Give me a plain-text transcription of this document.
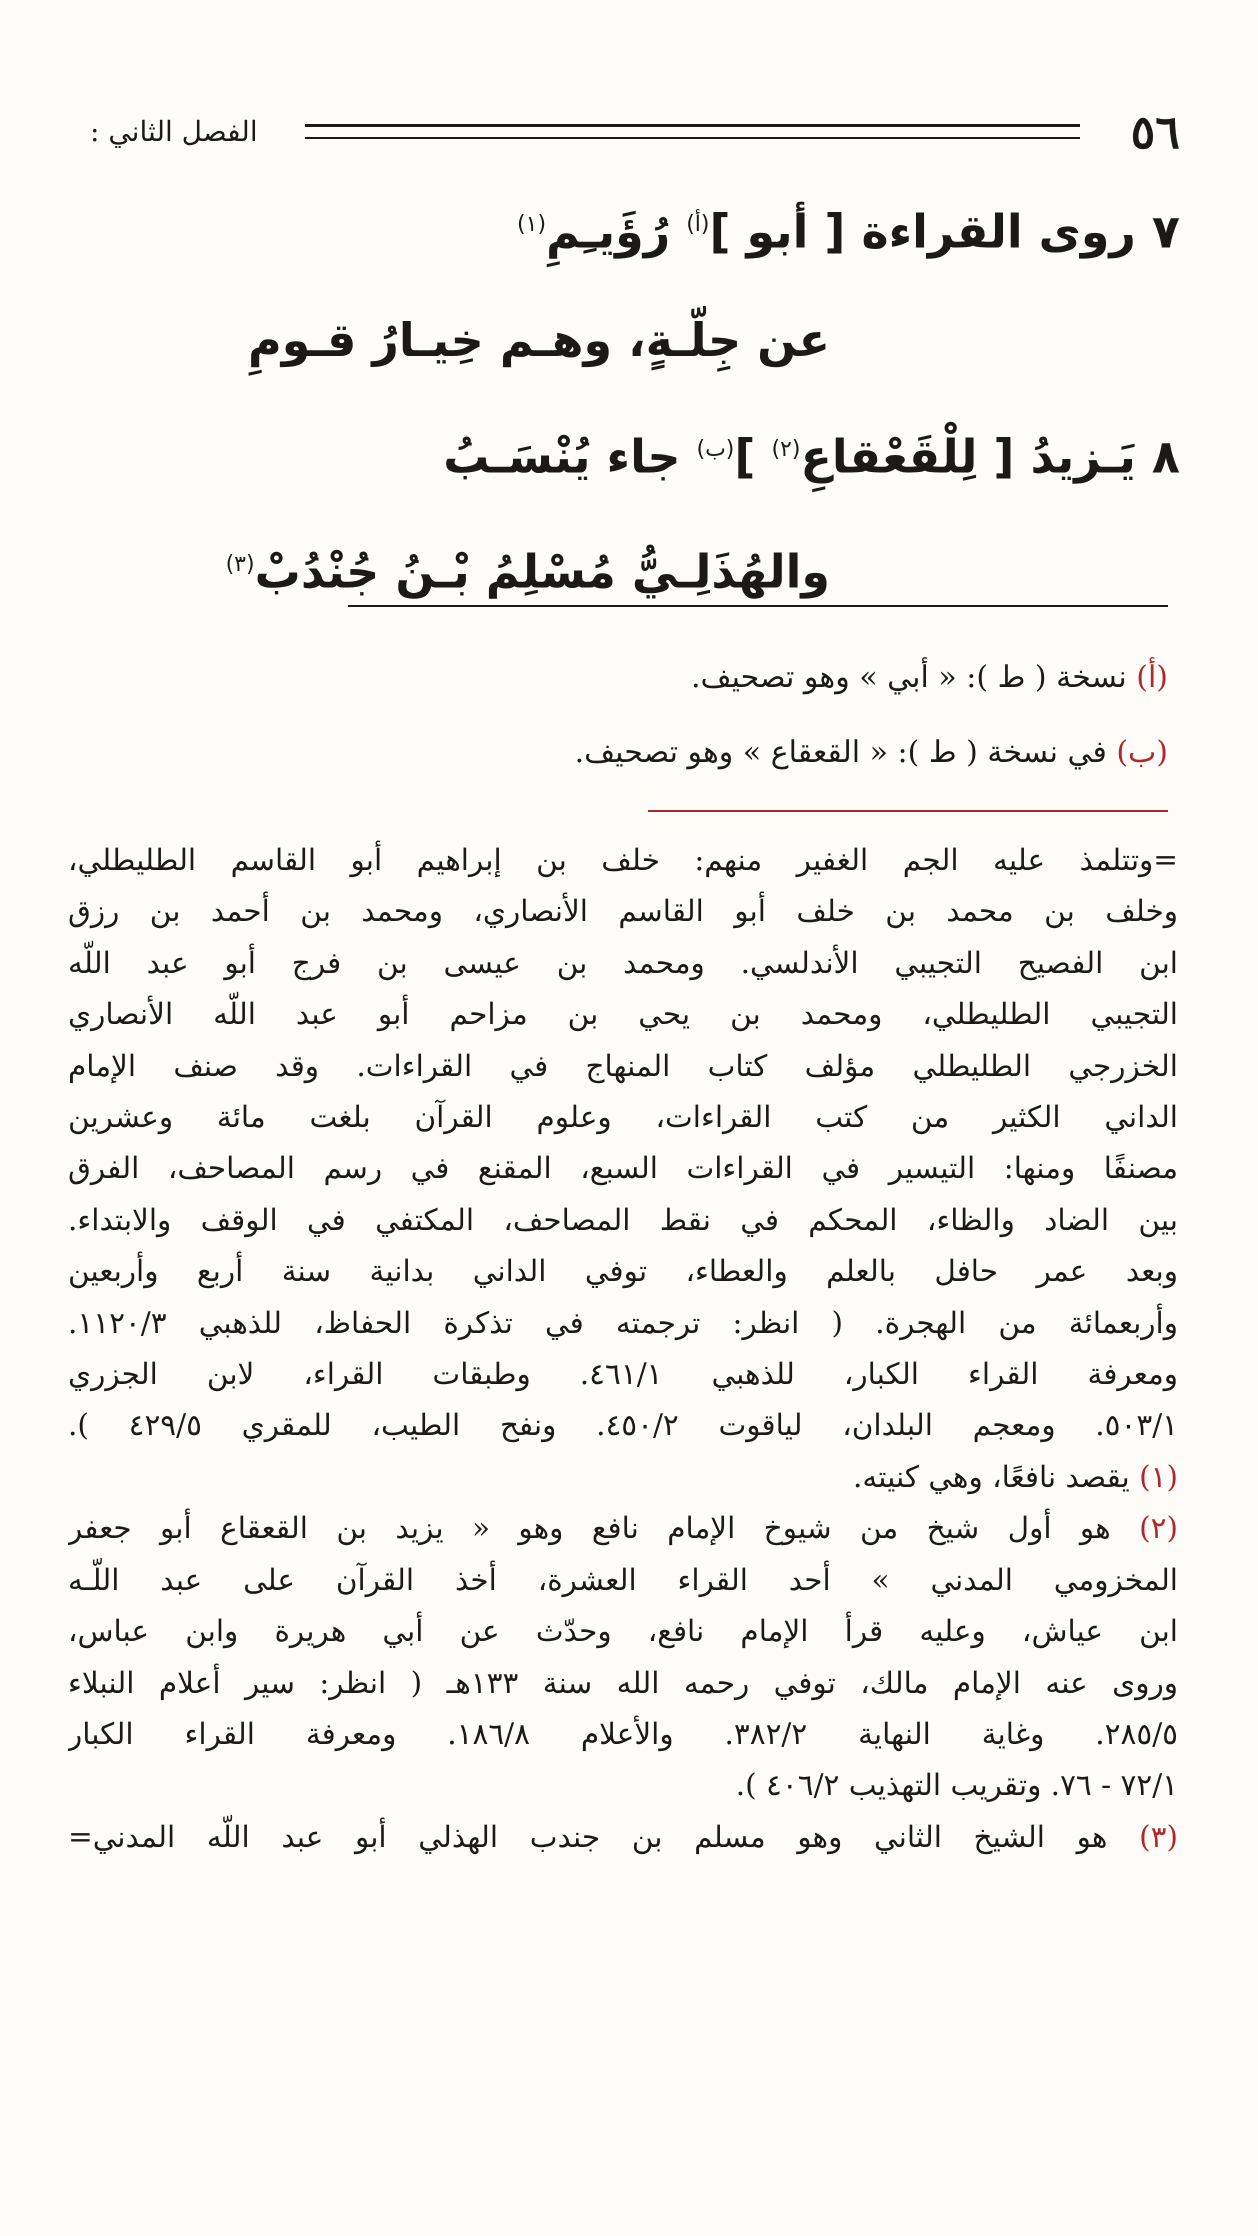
٥٦
الفصل الثاني :
٧ روى القراءة [ أبو ]$^{(أ)}$ رُؤَيـِمِ$^{(١)}$
عن جِلّـةٍ، وهـم خِيـارُ قـومِ
٨ يَـزيدُ [ لِلْقَعْقاعِ$^{(٢)}$ ]$^{(ب)}$ جاء يُنْسَـبُ
والهُذَلِـيُّ مُسْلِمُ بْـنُ جُنْدُبْ$^{(٣)}$
(أ) نسخة ( ط ): « أبي » وهو تصحيف.
(ب) في نسخة ( ط ): « القعقاع » وهو تصحيف.
=وتتلمذ عليه الجم الغفير منهم: خلف بن إبراهيم أبو القاسم الطليطلي،
وخلف بن محمد بن خلف أبو القاسم الأنصاري، ومحمد بن أحمد بن رزق
ابن الفصيح التجيبي الأندلسي. ومحمد بن عيسى بن فرج أبو عبد اللّه
التجيبي الطليطلي، ومحمد بن يحي بن مزاحم أبو عبد اللّه الأنصاري
الخزرجي الطليطلي مؤلف كتاب المنهاج في القراءات. وقد صنف الإمام
الداني الكثير من كتب القراءات، وعلوم القرآن بلغت مائة وعشرين
مصنفًا ومنها: التيسير في القراءات السبع، المقنع في رسم المصاحف، الفرق
بين الضاد والظاء، المحكم في نقط المصاحف، المكتفي في الوقف والابتداء.
وبعد عمر حافل بالعلم والعطاء، توفي الداني بدانية سنة أربع وأربعين
وأربعمائة من الهجرة. ( انظر: ترجمته في تذكرة الحفاظ، للذهبي ١١٢٠/٣.
ومعرفة القراء الكبار، للذهبي ٤٦١/١. وطبقات القراء، لابن الجزري
٥٠٣/١. ومعجم البلدان، لياقوت ٤٥٠/٢. ونفح الطيب، للمقري ٤٢٩/٥ ).
(١) يقصد نافعًا، وهي كنيته.
(٢) هو أول شيخ من شيوخ الإمام نافع وهو « يزيد بن القعقاع أبو جعفر
المخزومي المدني » أحد القراء العشرة، أخذ القرآن على عبد اللّـه
ابن عياش، وعليه قرأ الإمام نافع، وحدّث عن أبي هريرة وابن عباس،
وروى عنه الإمام مالك، توفي رحمه الله سنة ١٣٣هـ ( انظر: سير أعلام النبلاء
٢٨٥/٥. وغاية النهاية ٣٨٢/٢. والأعلام ١٨٦/٨. ومعرفة القراء الكبار
٧٢/١ - ٧٦. وتقريب التهذيب ٤٠٦/٢ ).
(٣) هو الشيخ الثاني وهو مسلم بن جندب الهذلي أبو عبد اللّه المدني=
